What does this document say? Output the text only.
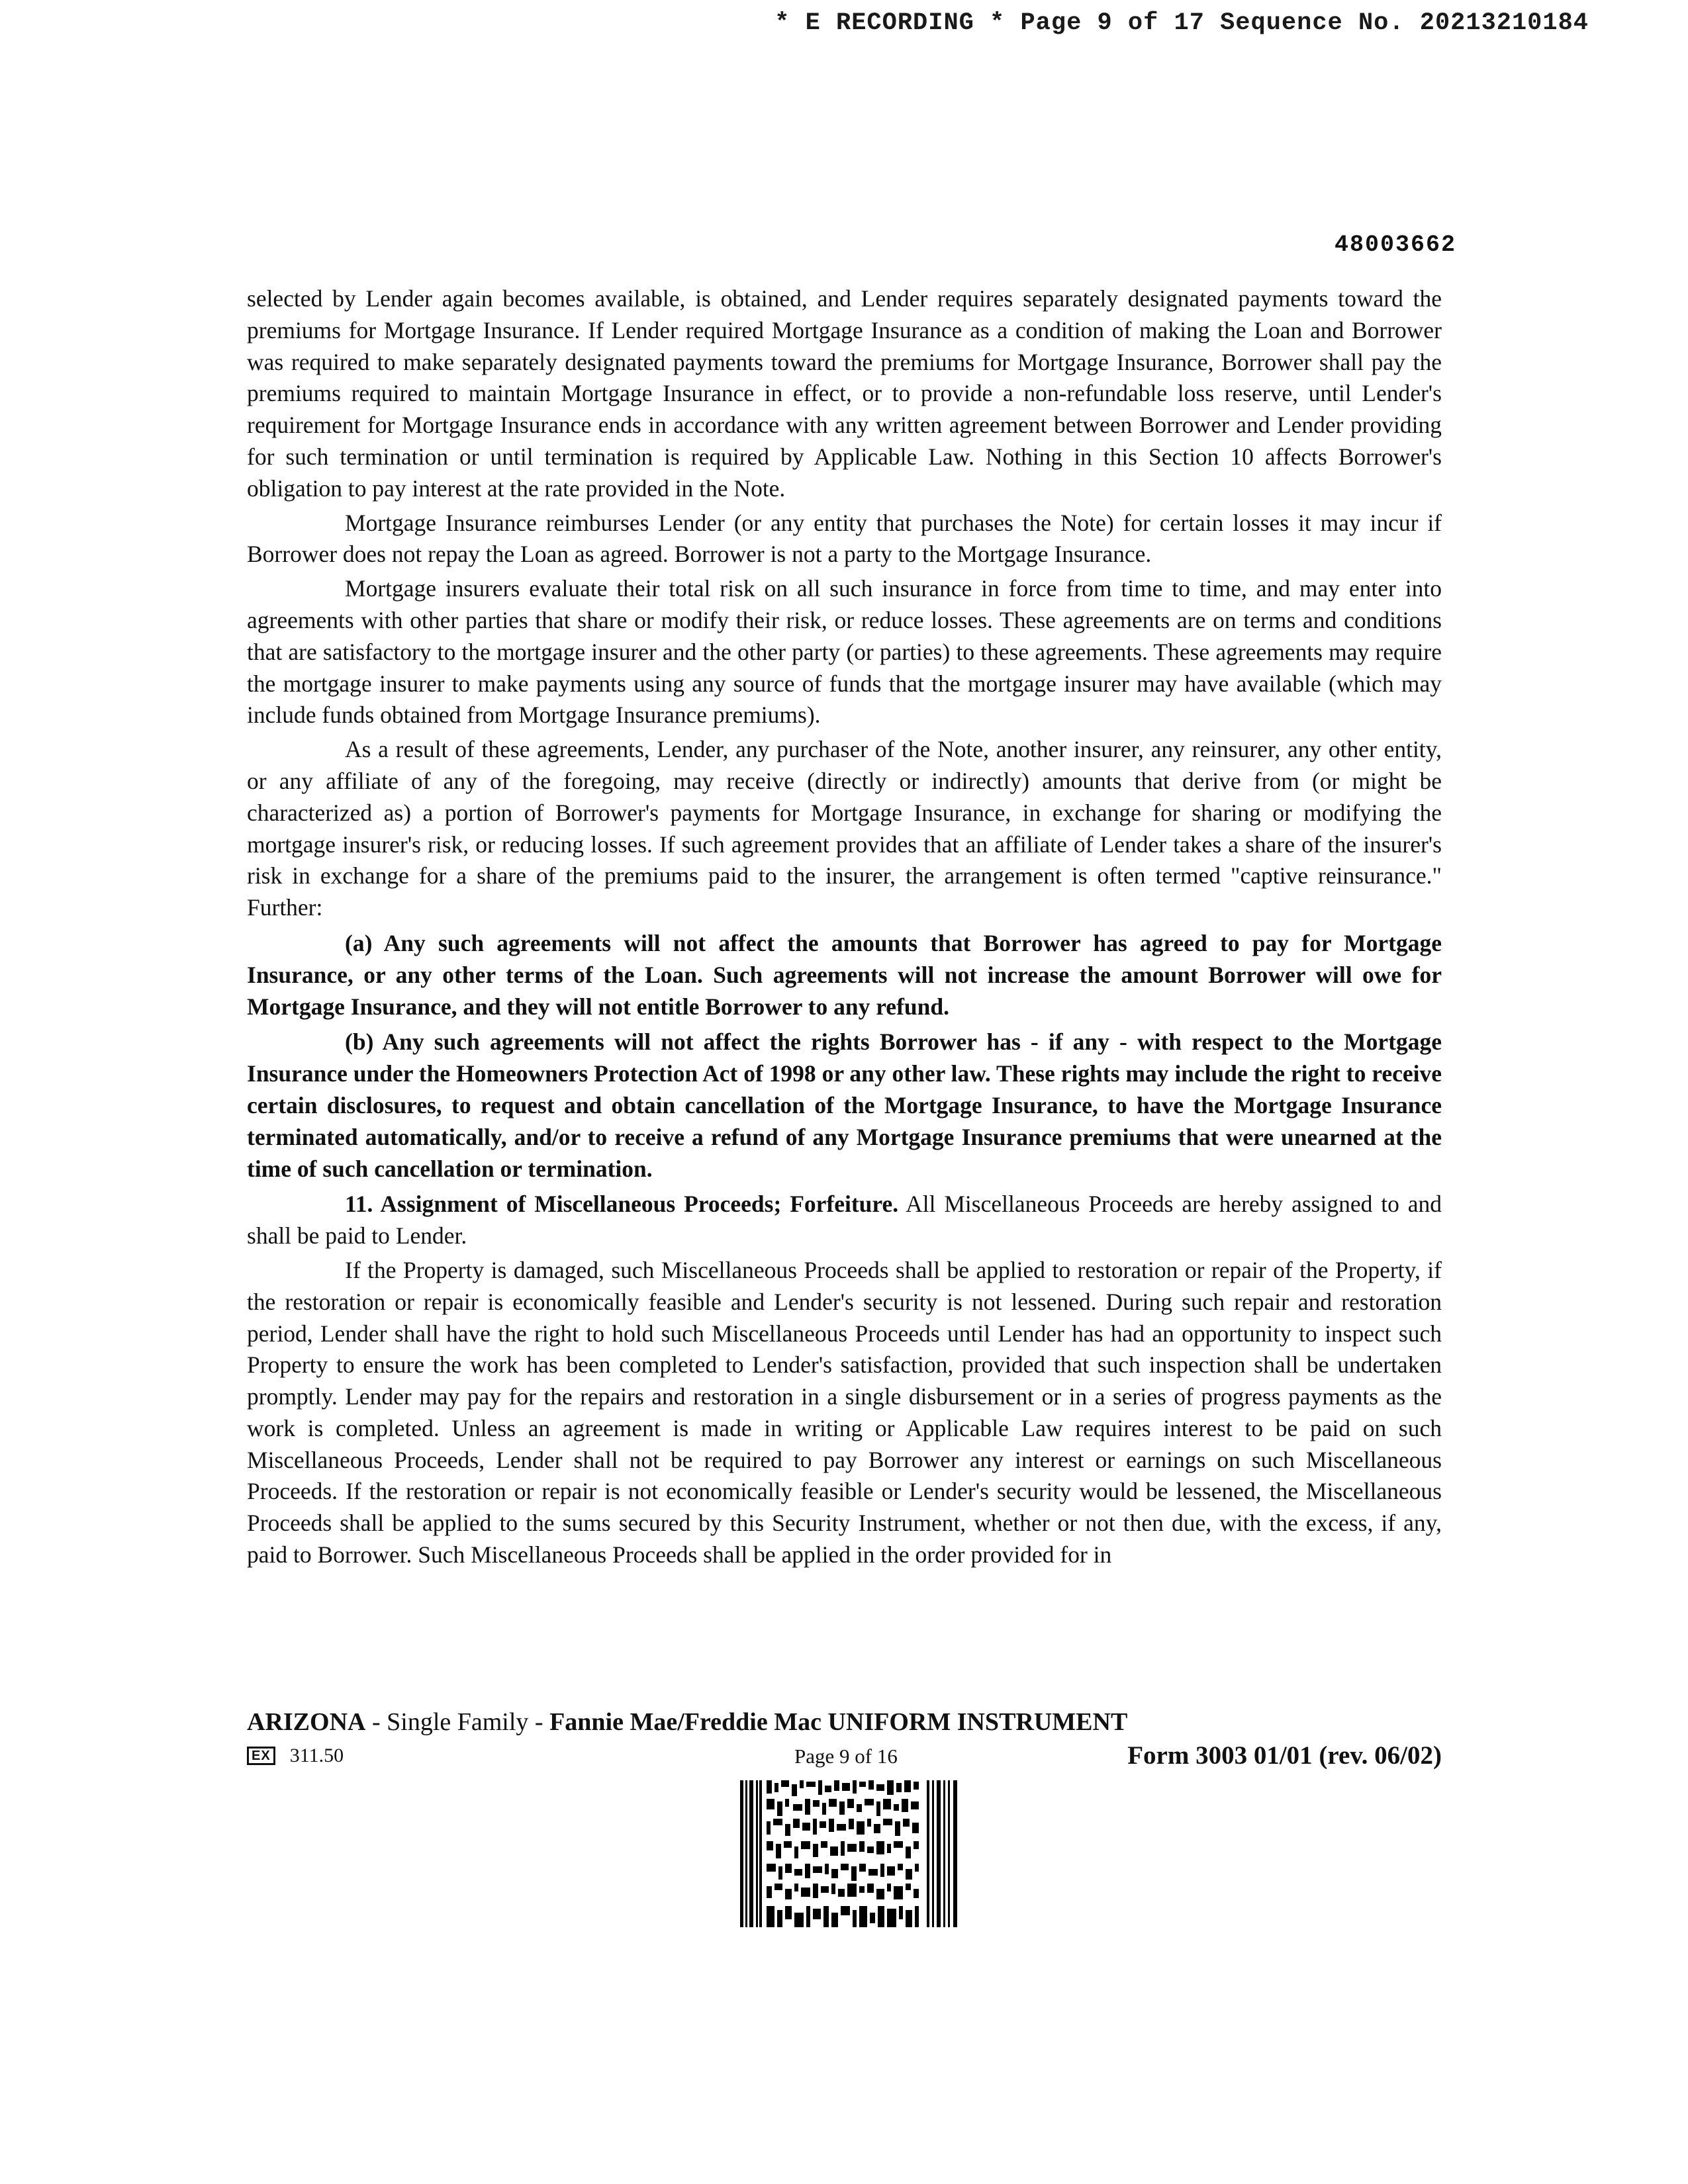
* E RECORDING * Page 9 of 17 Sequence No. 20213210184
48003662

selected by Lender again becomes available, is obtained, and Lender requires separately designated payments toward the premiums for Mortgage Insurance. If Lender required Mortgage Insurance as a condition of making the Loan and Borrower was required to make separately designated payments toward the premiums for Mortgage Insurance, Borrower shall pay the premiums required to maintain Mortgage Insurance in effect, or to provide a non-refundable loss reserve, until Lender's requirement for Mortgage Insurance ends in accordance with any written agreement between Borrower and Lender providing for such termination or until termination is required by Applicable Law. Nothing in this Section 10 affects Borrower's obligation to pay interest at the rate provided in the Note.

Mortgage Insurance reimburses Lender (or any entity that purchases the Note) for certain losses it may incur if Borrower does not repay the Loan as agreed. Borrower is not a party to the Mortgage Insurance.

Mortgage insurers evaluate their total risk on all such insurance in force from time to time, and may enter into agreements with other parties that share or modify their risk, or reduce losses. These agreements are on terms and conditions that are satisfactory to the mortgage insurer and the other party (or parties) to these agreements. These agreements may require the mortgage insurer to make payments using any source of funds that the mortgage insurer may have available (which may include funds obtained from Mortgage Insurance premiums).

As a result of these agreements, Lender, any purchaser of the Note, another insurer, any reinsurer, any other entity, or any affiliate of any of the foregoing, may receive (directly or indirectly) amounts that derive from (or might be characterized as) a portion of Borrower's payments for Mortgage Insurance, in exchange for sharing or modifying the mortgage insurer's risk, or reducing losses. If such agreement provides that an affiliate of Lender takes a share of the insurer's risk in exchange for a share of the premiums paid to the insurer, the arrangement is often termed "captive reinsurance." Further:

(a) Any such agreements will not affect the amounts that Borrower has agreed to pay for Mortgage Insurance, or any other terms of the Loan. Such agreements will not increase the amount Borrower will owe for Mortgage Insurance, and they will not entitle Borrower to any refund.

(b) Any such agreements will not affect the rights Borrower has - if any - with respect to the Mortgage Insurance under the Homeowners Protection Act of 1998 or any other law. These rights may include the right to receive certain disclosures, to request and obtain cancellation of the Mortgage Insurance, to have the Mortgage Insurance terminated automatically, and/or to receive a refund of any Mortgage Insurance premiums that were unearned at the time of such cancellation or termination.

11. Assignment of Miscellaneous Proceeds; Forfeiture. All Miscellaneous Proceeds are hereby assigned to and shall be paid to Lender.

If the Property is damaged, such Miscellaneous Proceeds shall be applied to restoration or repair of the Property, if the restoration or repair is economically feasible and Lender's security is not lessened. During such repair and restoration period, Lender shall have the right to hold such Miscellaneous Proceeds until Lender has had an opportunity to inspect such Property to ensure the work has been completed to Lender's satisfaction, provided that such inspection shall be undertaken promptly. Lender may pay for the repairs and restoration in a single disbursement or in a series of progress payments as the work is completed. Unless an agreement is made in writing or Applicable Law requires interest to be paid on such Miscellaneous Proceeds, Lender shall not be required to pay Borrower any interest or earnings on such Miscellaneous Proceeds. If the restoration or repair is not economically feasible or Lender's security would be lessened, the Miscellaneous Proceeds shall be applied to the sums secured by this Security Instrument, whether or not then due, with the excess, if any, paid to Borrower. Such Miscellaneous Proceeds shall be applied in the order provided for in

ARIZONA - Single Family - Fannie Mae/Freddie Mac UNIFORM INSTRUMENT
EX 311.50	Page 9 of 16	Form 3003 01/01 (rev. 06/02)
